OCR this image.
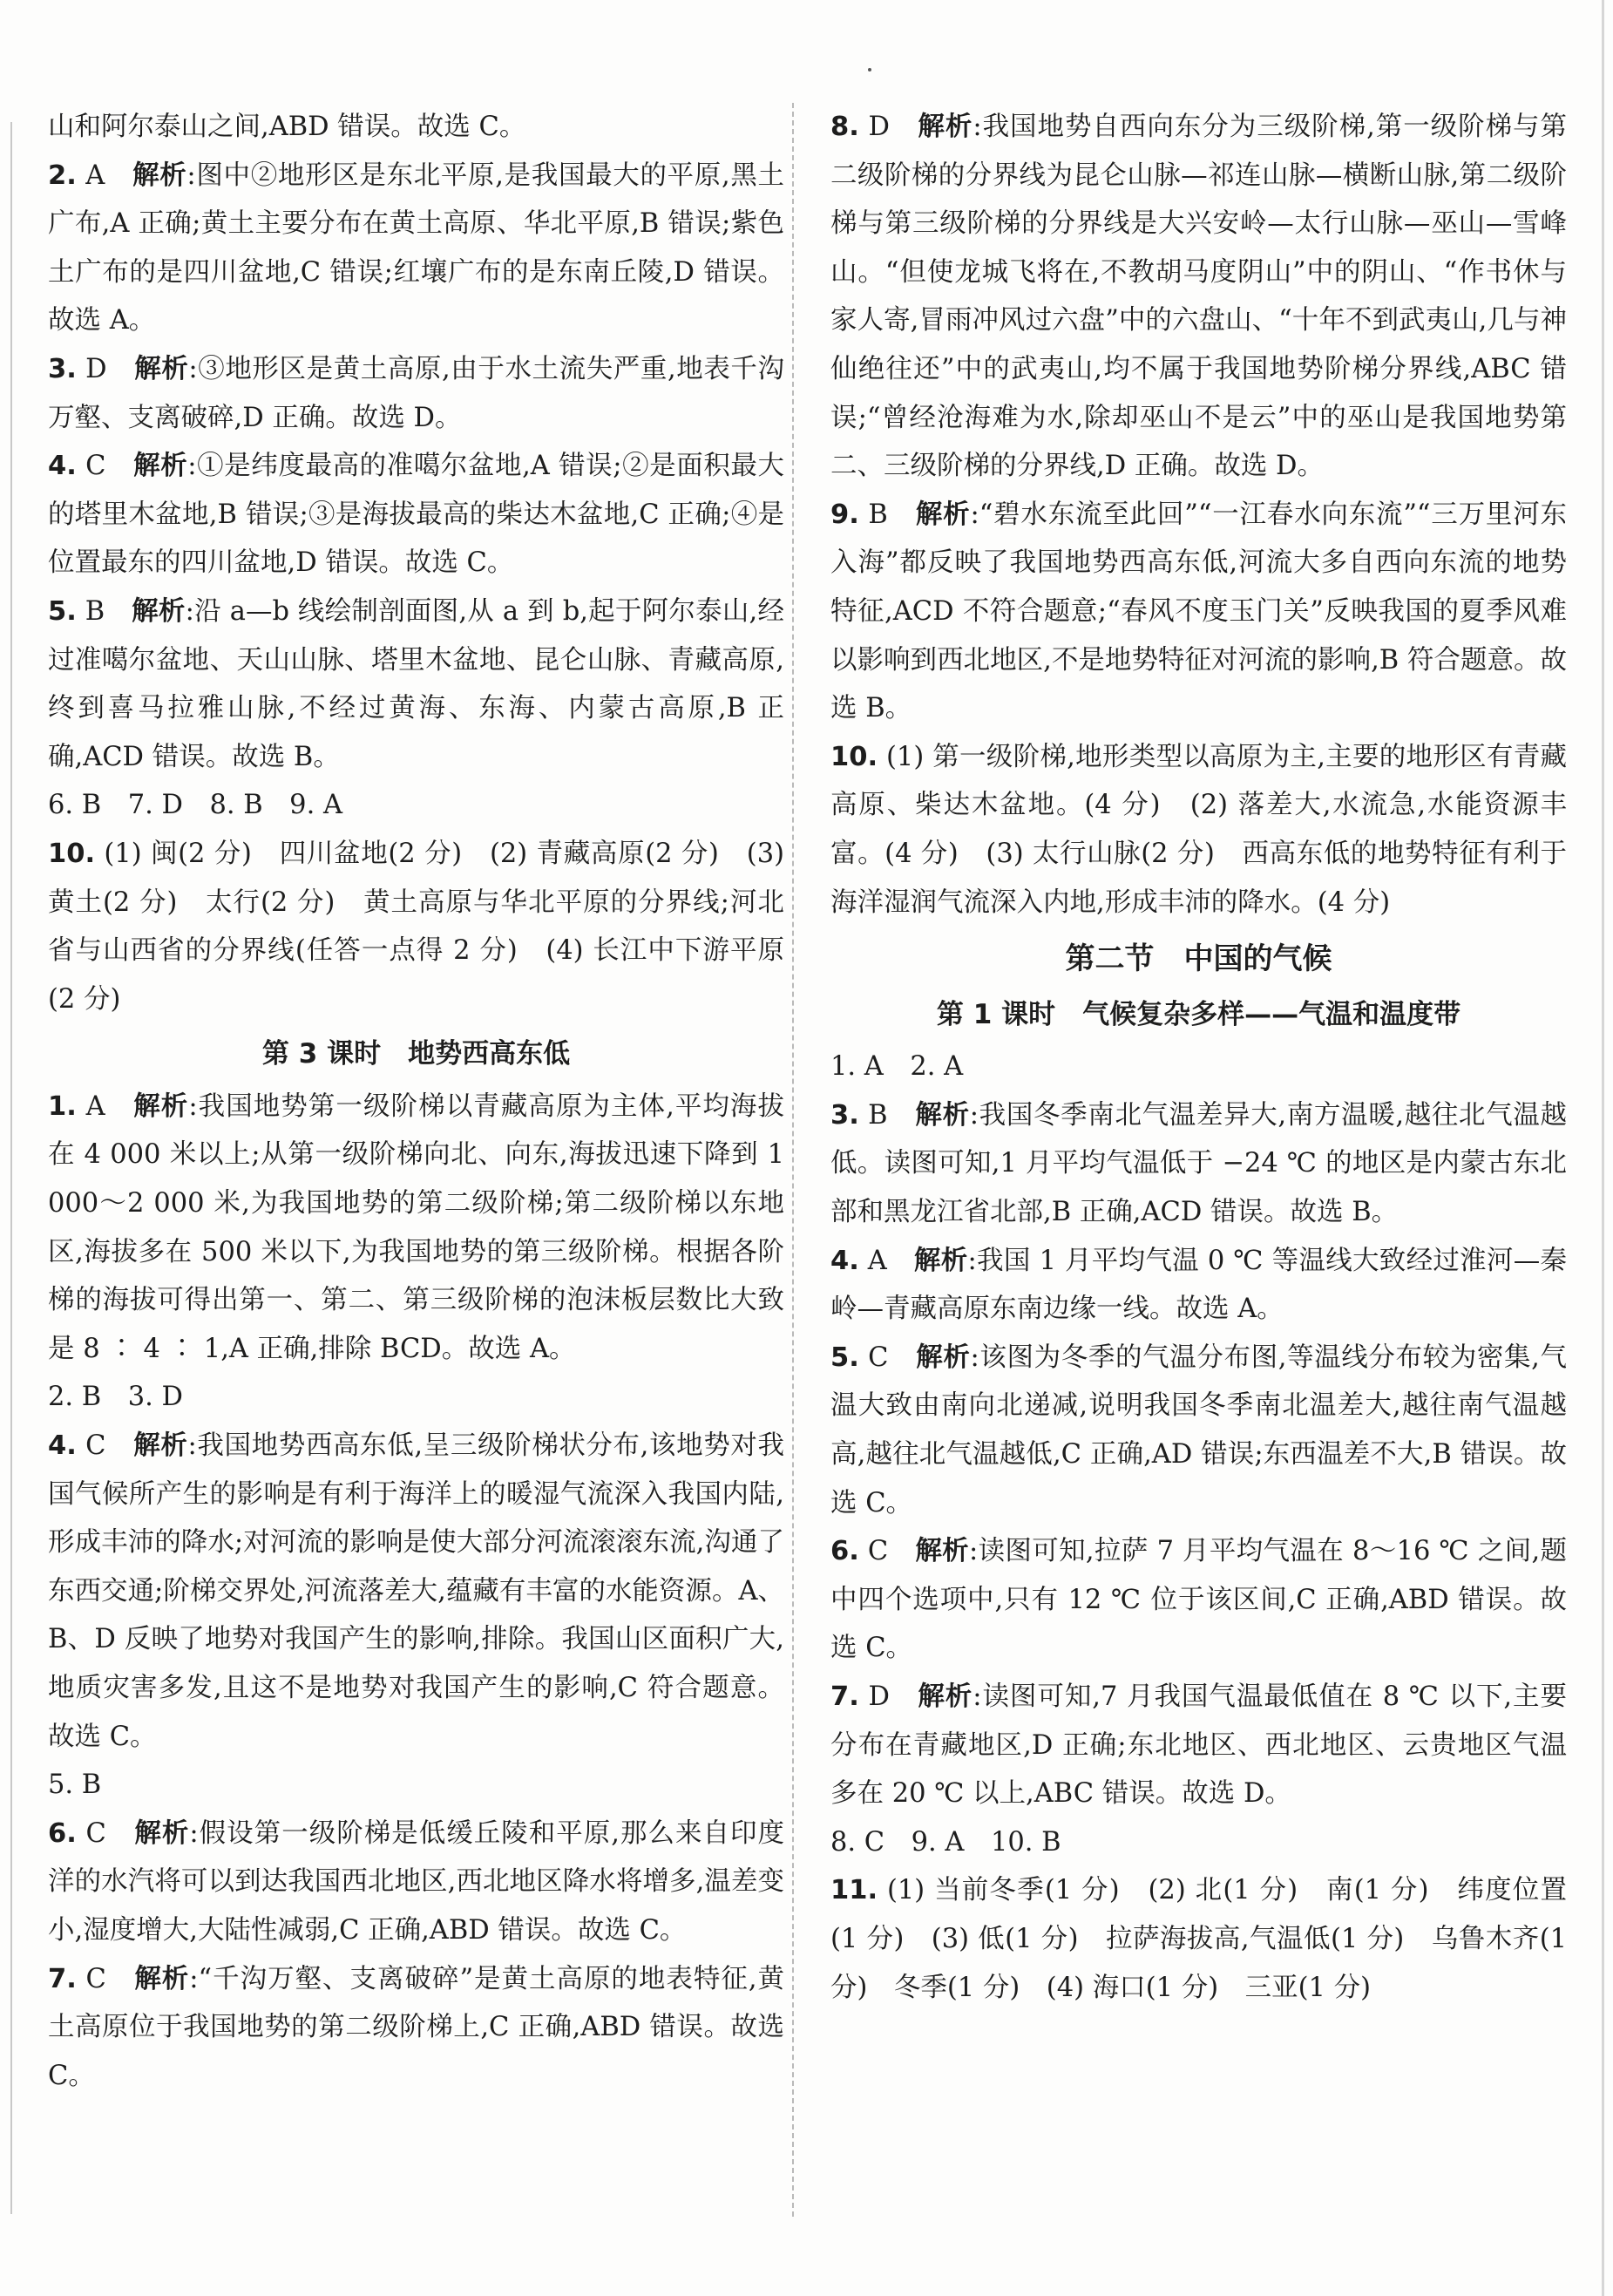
山和阿尔泰山之间,ABD 错误。故选 C。

2. A　 解析:图中②地形区是东北平原,是我国最大的平原,黑土广布,A 正确;黄土主要分布在黄土高原、华北平原,B 错误;紫色土广布的是四川盆地,C 错误;红壤广布的是东南丘陵,D 错误。故选 A。

3. D　 解析:③地形区是黄土高原,由于水土流失严重,地表千沟万壑、支离破碎,D 正确。故选 D。

4. C　 解析:①是纬度最高的准噶尔盆地,A 错误;②是面积最大的塔里木盆地,B 错误;③是海拔最高的柴达木盆地,C 正确;④是位置最东的四川盆地,D 错误。故选 C。

5. B　 解析:沿 a—b 线绘制剖面图,从 a 到 b,起于阿尔泰山,经过准噶尔盆地、天山山脉、塔里木盆地、昆仑山脉、青藏高原,终到喜马拉雅山脉,不经过黄海、东海、内蒙古高原,B 正确,ACD 错误。故选 B。

6. B　7. D　8. B　9. A

10. (1) 闽(2 分)　四川盆地(2 分)　(2) 青藏高原(2 分)　(3) 黄土(2 分)　太行(2 分)　黄土高原与华北平原的分界线;河北省与山西省的分界线(任答一点得 2 分)　(4) 长江中下游平原(2 分)

第 3 课时　地势西高东低

1. A　 解析:我国地势第一级阶梯以青藏高原为主体,平均海拔在 4 000 米以上;从第一级阶梯向北、向东,海拔迅速下降到 1 000～2 000 米,为我国地势的第二级阶梯;第二级阶梯以东地区,海拔多在 500 米以下,为我国地势的第三级阶梯。根据各阶梯的海拔可得出第一、第二、第三级阶梯的泡沫板层数比大致是 8 ∶ 4 ∶ 1,A 正确,排除 BCD。故选 A。

2. B　3. D

4. C　 解析:我国地势西高东低,呈三级阶梯状分布,该地势对我国气候所产生的影响是有利于海洋上的暖湿气流深入我国内陆,形成丰沛的降水;对河流的影响是使大部分河流滚滚东流,沟通了东西交通;阶梯交界处,河流落差大,蕴藏有丰富的水能资源。A、B、D 反映了地势对我国产生的影响,排除。我国山区面积广大,地质灾害多发,且这不是地势对我国产生的影响,C 符合题意。故选 C。

5. B

6. C　 解析:假设第一级阶梯是低缓丘陵和平原,那么来自印度洋的水汽将可以到达我国西北地区,西北地区降水将增多,温差变小,湿度增大,大陆性减弱,C 正确,ABD 错误。故选 C。

7. C　 解析:“千沟万壑、支离破碎”是黄土高原的地表特征,黄土高原位于我国地势的第二级阶梯上,C 正确,ABD 错误。故选 C。

8. D　 解析:我国地势自西向东分为三级阶梯,第一级阶梯与第二级阶梯的分界线为昆仑山脉—祁连山脉—横断山脉,第二级阶梯与第三级阶梯的分界线是大兴安岭—太行山脉—巫山—雪峰山。“但使龙城飞将在,不教胡马度阴山”中的阴山、“作书休与家人寄,冒雨冲风过六盘”中的六盘山、“十年不到武夷山,几与神仙绝往还”中的武夷山,均不属于我国地势阶梯分界线,ABC 错误;“曾经沧海难为水,除却巫山不是云”中的巫山是我国地势第二、三级阶梯的分界线,D 正确。故选 D。

9. B　 解析:“碧水东流至此回”“一江春水向东流”“三万里河东入海”都反映了我国地势西高东低,河流大多自西向东流的地势特征,ACD 不符合题意;“春风不度玉门关”反映我国的夏季风难以影响到西北地区,不是地势特征对河流的影响,B 符合题意。故选 B。

10. (1) 第一级阶梯,地形类型以高原为主,主要的地形区有青藏高原、柴达木盆地。(4 分)　(2) 落差大,水流急,水能资源丰富。(4 分)　(3) 太行山脉(2 分)　西高东低的地势特征有利于海洋湿润气流深入内地,形成丰沛的降水。(4 分)

第二节　中国的气候
第 1 课时　气候复杂多样——气温和温度带

1. A　2. A

3. B　 解析:我国冬季南北气温差异大,南方温暖,越往北气温越低。读图可知,1 月平均气温低于 −24 ℃ 的地区是内蒙古东北部和黑龙江省北部,B 正确,ACD 错误。故选 B。

4. A　 解析:我国 1 月平均气温 0 ℃ 等温线大致经过淮河—秦岭—青藏高原东南边缘一线。故选 A。

5. C　 解析:该图为冬季的气温分布图,等温线分布较为密集,气温大致由南向北递减,说明我国冬季南北温差大,越往南气温越高,越往北气温越低,C 正确,AD 错误;东西温差不大,B 错误。故选 C。

6. C　 解析:读图可知,拉萨 7 月平均气温在 8～16 ℃ 之间,题中四个选项中,只有 12 ℃ 位于该区间,C 正确,ABD 错误。故选 C。

7. D　 解析:读图可知,7 月我国气温最低值在 8 ℃ 以下,主要分布在青藏地区,D 正确;东北地区、西北地区、云贵地区气温多在 20 ℃ 以上,ABC 错误。故选 D。

8. C　9. A　10. B

11. (1) 当前冬季(1 分)　(2) 北(1 分)　南(1 分)　纬度位置(1 分)　(3) 低(1 分)　拉萨海拔高,气温低(1 分)　乌鲁木齐(1 分)　冬季(1 分)　(4) 海口(1 分)　三亚(1 分)
